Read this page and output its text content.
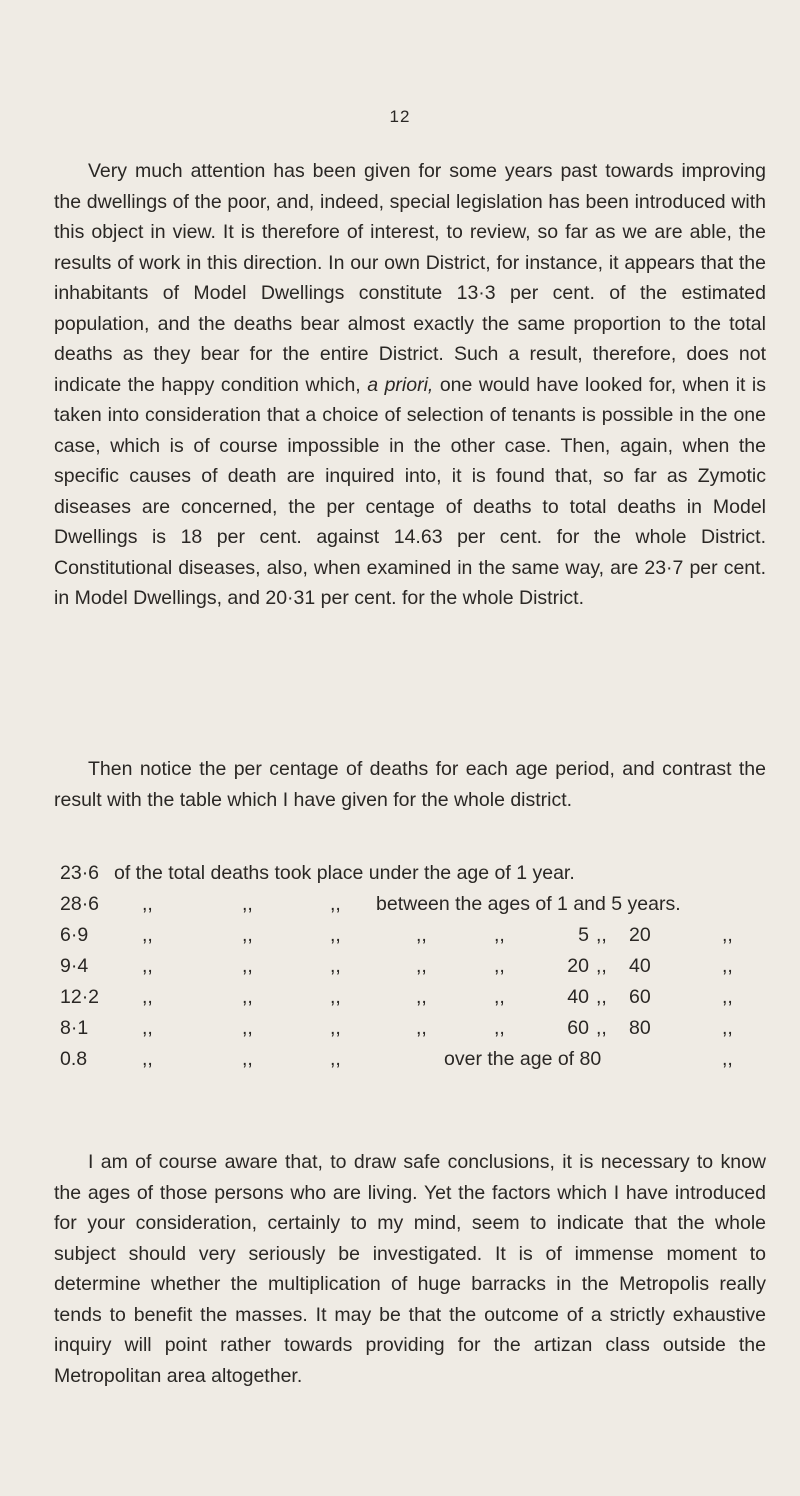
12

Very much attention has been given for some years past towards improving the dwellings of the poor, and, indeed, special legislation has been introduced with this object in view. It is therefore of interest, to review, so far as we are able, the results of work in this direction. In our own District, for instance, it appears that the inhabitants of Model Dwellings constitute 13·3 per cent. of the estimated population, and the deaths bear almost exactly the same proportion to the total deaths as they bear for the entire District. Such a result, therefore, does not indicate the happy condition which, a priori, one would have looked for, when it is taken into consideration that a choice of selection of tenants is possible in the one case, which is of course impossible in the other case. Then, again, when the specific causes of death are inquired into, it is found that, so far as Zymotic diseases are concerned, the per centage of deaths to total deaths in Model Dwellings is 18 per cent. against 14.63 per cent. for the whole District. Constitutional diseases, also, when examined in the same way, are 23·7 per cent. in Model Dwellings, and 20·31 per cent. for the whole District.

Then notice the per centage of deaths for each age period, and contrast the result with the table which I have given for the whole district.

23·6 of the total deaths took place under the age of 1 year.
28·6 ,,	,,	,, between the ages of 1 and 5 years.
6·9	,,	,,	,,	,,	,,	5 ,, 20	,,
9·4	,,	,,	,,	,,	,,	20 ,, 40	,,
12·2 ,,	,,	,,	,,	,,	40 ,, 60	,,
8·1	,,	,,	,,	,,	,,	60 ,, 80	,,
0.8	,,	,,	,,	over the age of 80	,,

I am of course aware that, to draw safe conclusions, it is necessary to know the ages of those persons who are living. Yet the factors which I have introduced for your consideration, certainly to my mind, seem to indicate that the whole subject should very seriously be investigated. It is of immense moment to determine whether the multiplication of huge barracks in the Metropolis really tends to benefit the masses. It may be that the outcome of a strictly exhaustive inquiry will point rather towards providing for the artizan class outside the Metropolitan area altogether.
